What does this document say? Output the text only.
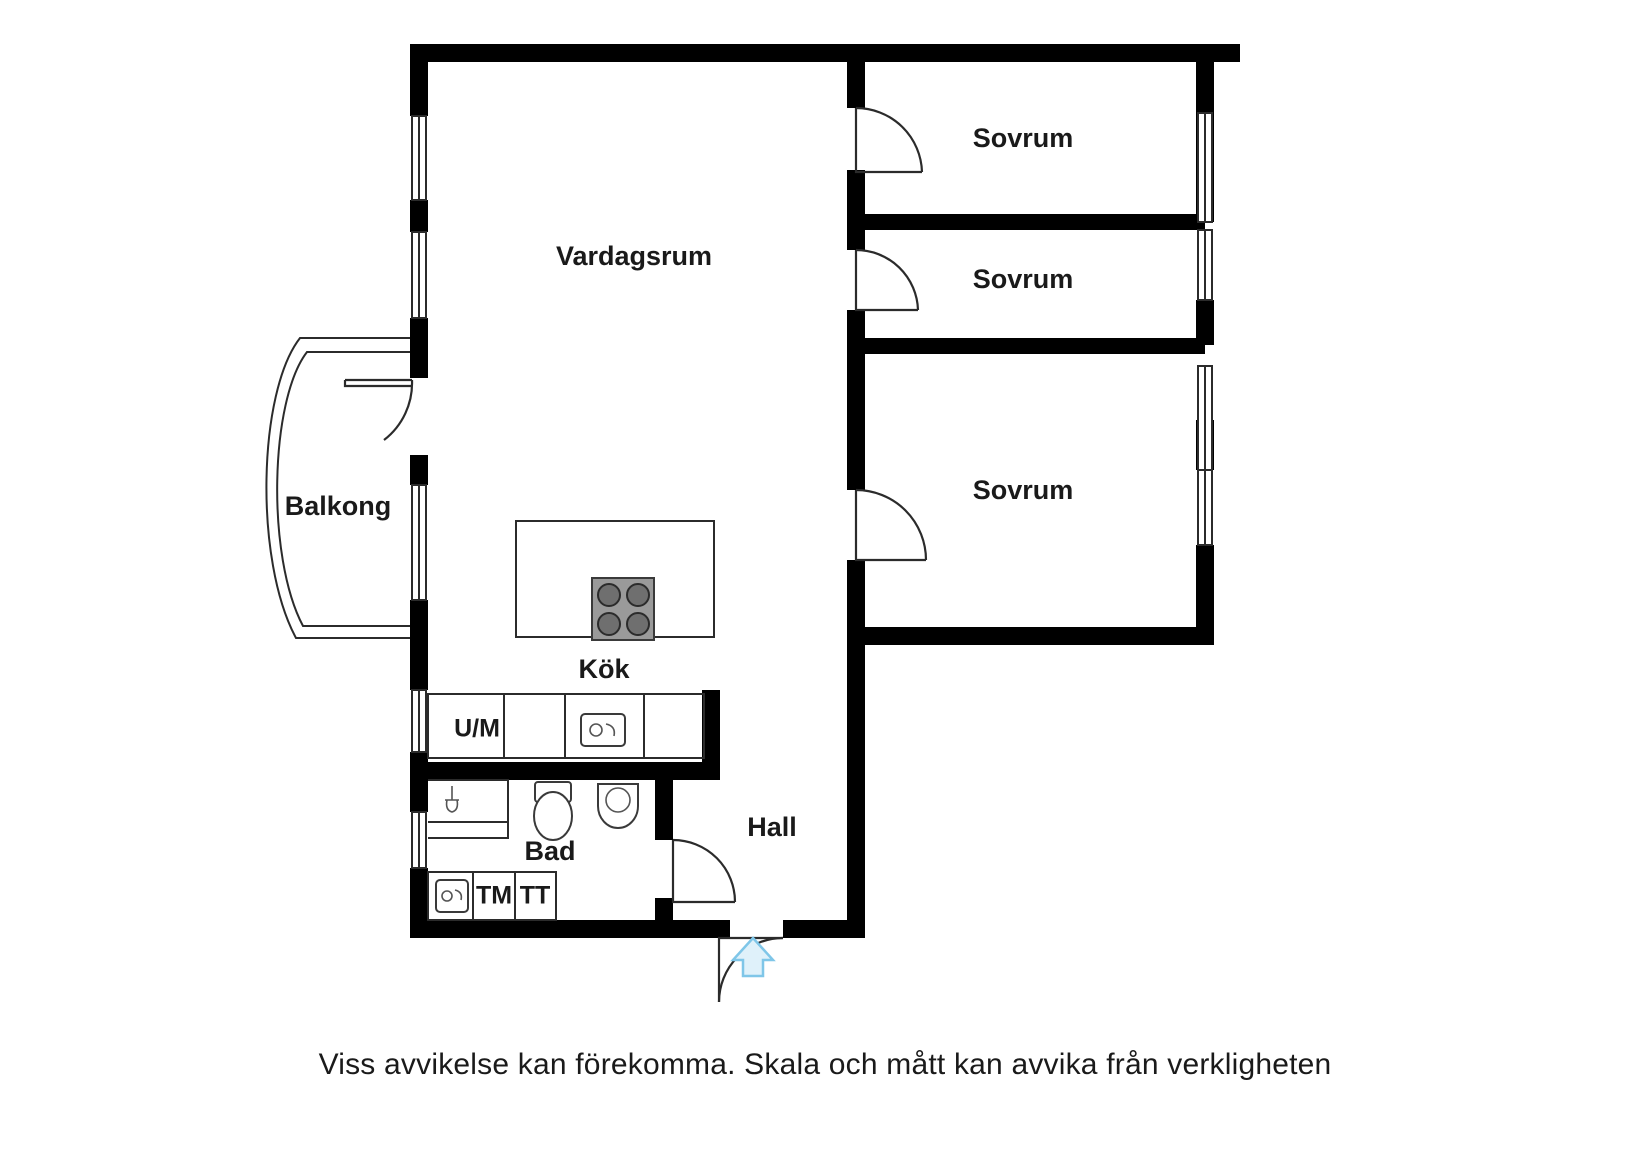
Vardagsrum
Sovrum
Sovrum
Sovrum
Balkong
Kök
Hall
Bad
U/M
TM TT
Viss avvikelse kan förekomma. Skala och mått kan avvika från verkligheten
